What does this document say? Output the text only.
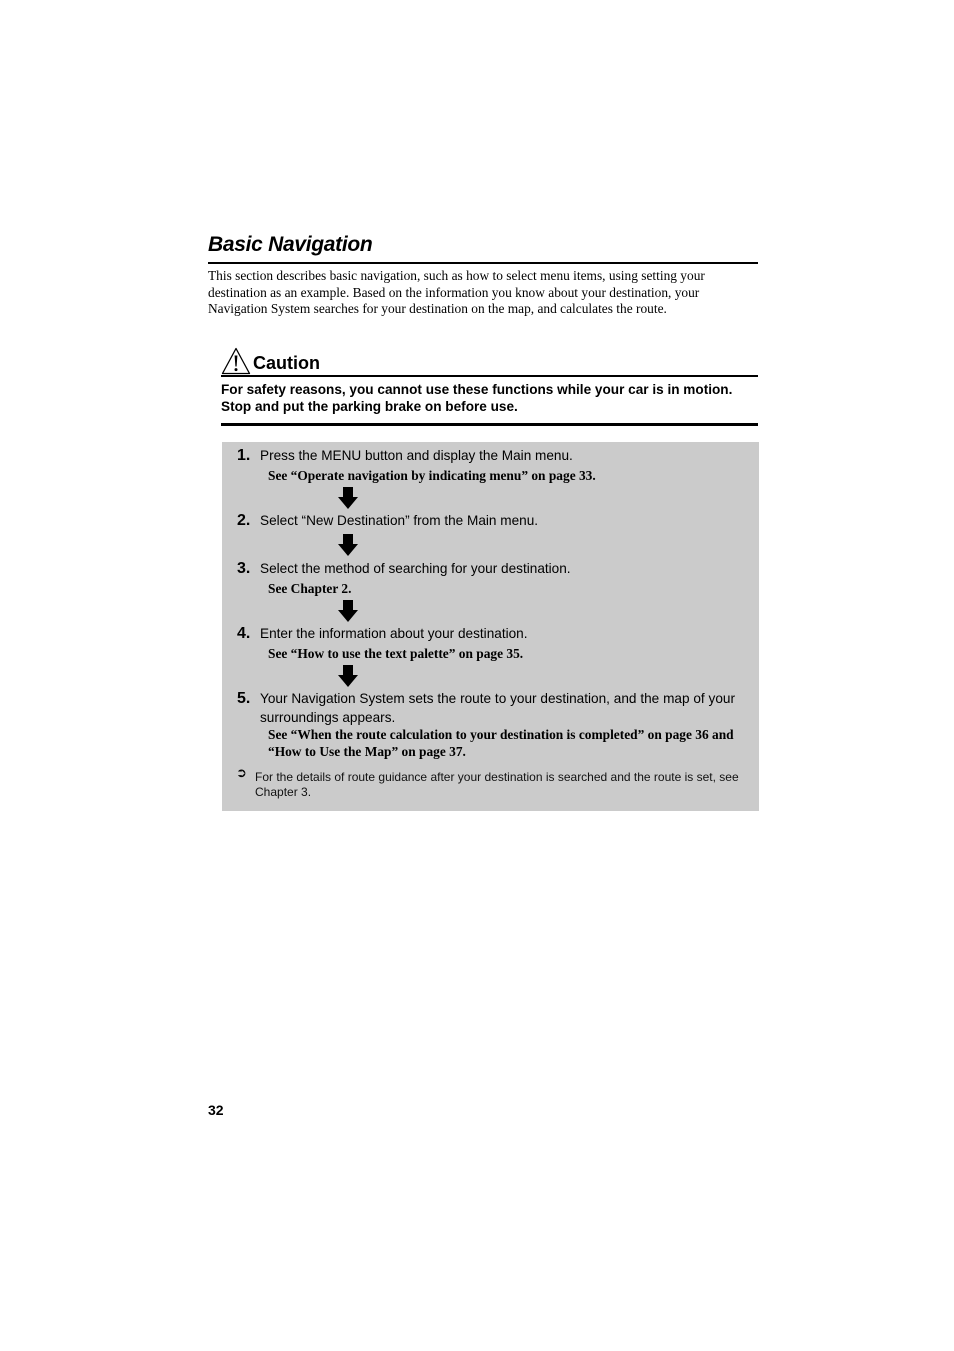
Basic Navigation

This section describes basic navigation, such as how to select menu items, using setting your destination as an example. Based on the information you know about your destination, your Navigation System searches for your destination on the map, and calculates the route.

Caution
For safety reasons, you cannot use these functions while your car is in motion.
Stop and put the parking brake on before use.
1. Press the MENU button and display the Main menu.
See “Operate navigation by indicating menu” on page 33.
2. Select “New Destination” from the Main menu.
3. Select the method of searching for your destination.
See Chapter 2.
4. Enter the information about your destination.
See “How to use the text palette” on page 35.
5. Your Navigation System sets the route to your destination, and the map of your surroundings appears.
See “When the route calculation to your destination is completed” on page 36 and “How to Use the Map” on page 37.
➲ For the details of route guidance after your destination is searched and the route is set, see Chapter 3.
32
